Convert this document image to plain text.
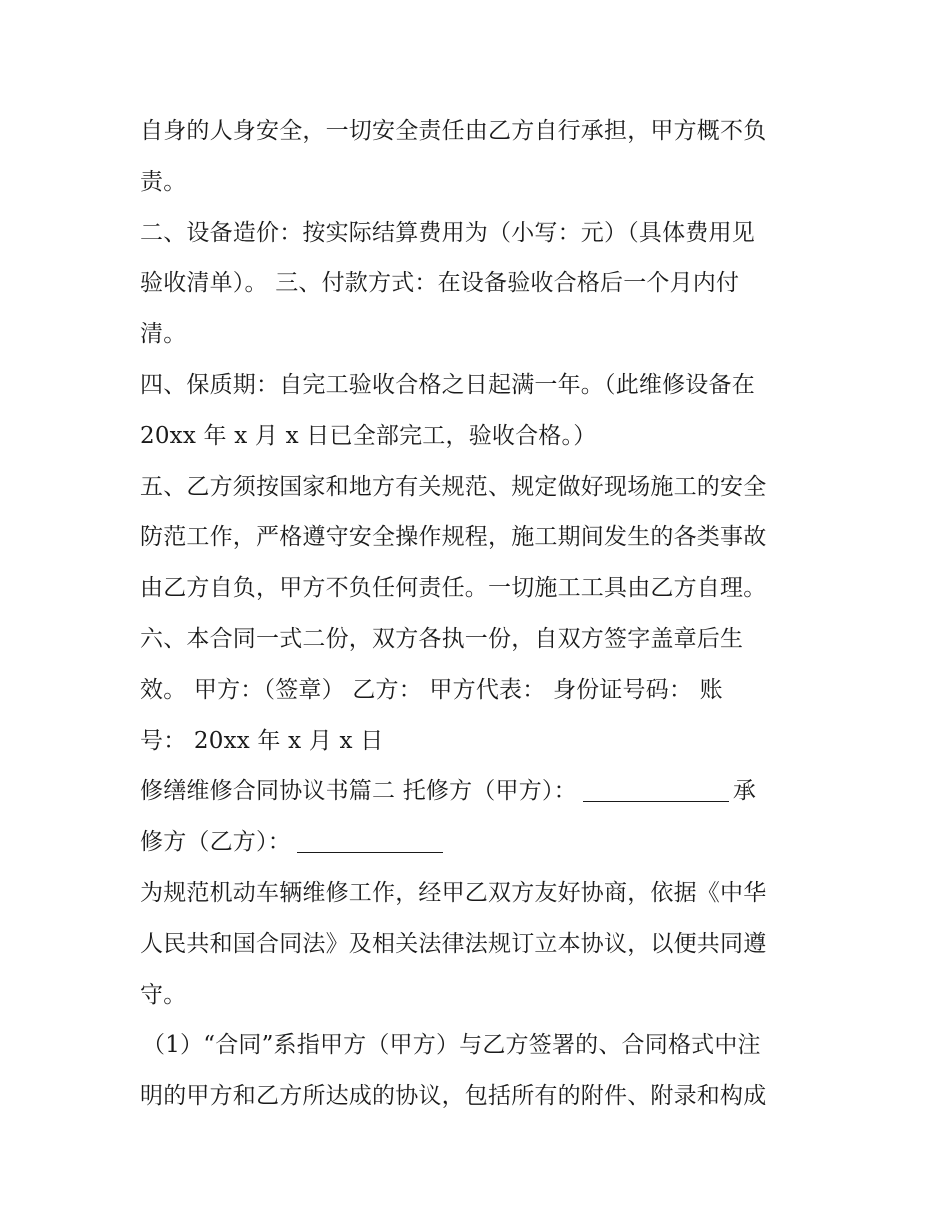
自身的人身安全，一切安全责任由乙方自行承担，甲方概不负
责。
二、设备造价：按实际结算费用为（小写：元）（具体费用见
验收清单）。 三、付款方式：在设备验收合格后一个月内付
清。
四、保质期：自完工验收合格之日起满一年。（此维修设备在
20xx 年 x 月 x 日已全部完工，验收合格。）
五、乙方须按国家和地方有关规范、规定做好现场施工的安全
防范工作，严格遵守安全操作规程，施工期间发生的各类事故
由乙方自负，甲方不负任何责任。一切施工工具由乙方自理。
六、本合同一式二份，双方各执一份，自双方签字盖章后生
效。 甲方：（签章） 乙方： 甲方代表： 身份证号码： 账
号： 20xx 年 x 月 x 日
修缮维修合同协议书篇二 托修方（甲方）：	承
修方（乙方）：
为规范机动车辆维修工作，经甲乙双方友好协商，依据《中华
人民共和国合同法》及相关法律法规订立本协议，以便共同遵
守。
（1）“合同”系指甲方（甲方）与乙方签署的、合同格式中注
明的甲方和乙方所达成的协议，包括所有的附件、附录和构成
